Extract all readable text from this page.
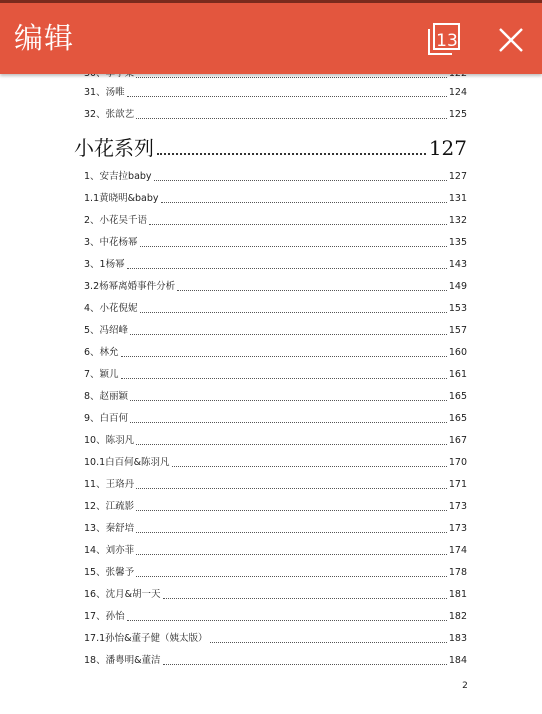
编辑	13
31、汤唯	124
32、张歆艺	125
小花系列	127
1、安吉拉baby	127
1.1黄晓明&baby	131
2、小花吴千语	132
3、中花杨幂	135
3、1杨幂	143
3.2杨幂离婚事件分析	149
4、小花倪妮	153
5、冯绍峰	157
6、林允	160
7、颖儿	161
8、赵丽颖	165
9、白百何	165
10、陈羽凡	167
10.1白百何&陈羽凡	170
11、王珞丹	171
12、江疏影	173
13、秦舒培	173
14、刘亦菲	174
15、张馨予	178
16、沈月&胡一天	181
17、孙怡	182
17.1孙怡&董子健（姨太版）	183
18、潘粤明&董洁	184
2
